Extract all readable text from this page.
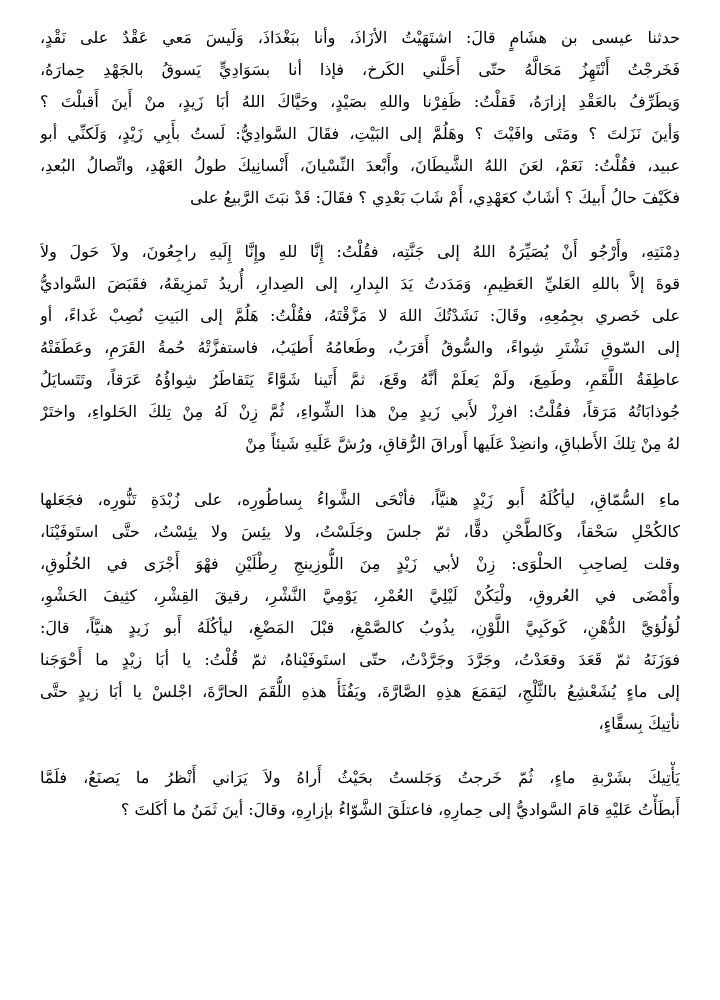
حدثنا عيسى بن هشَامٍ قالَ: اشتَهَيْتُ الأزَاذَ، وأنا ببَغْدَاذَ، وَلَيسَ مَعي عَقْدٌ على نَقْدٍ،
فَخَرجْتُ أَنْتَهِزُ مَحَالَّهُ حتّى أَحَلَّني الكَرخ، فإذا أنا بسَوَادِيٍّ يَسوقُ بالجَهْدِ حِمارَهُ،
وَيطَرِّفُ بالعَقْدِ إزارَهُ، فَقلْتُ: ظَفِرْنا واللهِ بصَيْدٍ، وحَيَّاكَ اللهُ أبَا زَيدٍ، منْ أَينَ أَقبلْتَ ؟
وَأينَ نَزَلتَ ؟ ومَتَى وافَيْتَ ؟ وهَلُمَّ إلى البَيْتِ، فقَالَ السَّوادِيُّ: لَستُ بأَبِي زَيْدٍ، وَلَكنِّي أبو
عبيد، فقُلْتُ: نَعَمْ، لعَنَ اللهُ الشَّيطَانَ، وأَبْعدَ النِّسْيانَ، أَنْسانِيكَ طولُ العَهْدِ، واتِّصالُ البُعدِ،
فكَيْفَ حالُ أَبيكَ ؟ أشَابٌ كعَهْدِي، أَمْ شَابَ بَعْدِي ؟ فقَالَ: قَدْ نبَتَ الرَّبيعُ على
دِمْنَتِهِ، وأَرْجُو أَنْ يُصَيِّرَهُ اللهُ إلى جَنَّتِه، فقُلْتُ: إِنَّا للهِ وإِنَّا إِلَيهِ راجِعُونَ، ولاَ حَولَ ولاَ
قوةَ إلاَّ باللهِ العَليِّ العَظِيمِ، وَمَدَدتُ يَدَ البِدارِ، إلى الصِدارِ، أُريدُ تَمزِيقَهُ، فقَبَضَ السَّواديُّ
على خَصري بجِمُعِهِ، وقَالَ: نَشَدْتُكَ اللهَ لا مَزَّقْتَهُ، فقُلْتُ: هَلُمَّ إلى البَيتِ نُصِبْ غَداءً، أو
إلى السّوقِ نَشْتَرِ شِواءً، والسُّوقُ أَقرَبُ، وطَعامُهُ أَطيَبُ، فاستفزَّتْهُ حُمةُ القَرَمِ، وعَطَفَتْهُ
عاطِفَةُ اللَّقَمِ، وطَمِعَ، ولَمْ يَعلَمْ أنَّهُ وقَعَ، ثمَّ أَتَينا شَوَّاءً يَتَقاطَرُ شِواؤُهُ عَرَقاً، وتَتَسايَلُ
جُوذابَاتُهُ مَرَقاً، فقُلْتُ: افرِزْ لأَبي زَيدٍ مِنْ هذا الشِّواءِ، ثُمَّ زِنْ لَهُ مِنْ تِلكَ الحَلواءِ، واختَرْ
لهُ مِنْ تِلكَ الأَطباقِ، وانضِدْ عَلَيها أَوراقَ الرُّقاقِ، ورُشَّ عَلَيهِ شَيئاً مِنْ
ماءِ السُّمّاقِ، ليأكُلَهُ أَبو زَيْدٍ هنيَّاً، فأنْحَى الشَّواءُ بِساطُورِه، على زُبْدَةِ تَنُّورِه، فجَعَلها
كالكُحْلِ سَحْقاً، وكَالطَّحْنِ دقًّا، ثمّ جلسَ وجَلَسْتُ، ولا يئِسَ ولا يئِسْتُ، حتَّى استَوفَيْنَا،
وقلت لِصاحِبِ الحلْوَى: زِنْ لأبي زَيْدٍ مِنَ اللُّوزِينجِ رِطْلَيْنِ فهْوَ أَجْرَى في الحُلُوقِ،
وأَمْضَى في العُروقِ، ولْيَكُنْ لَيْلِيَّ العُمْرِ، يَوْمِيَّ النَّشْرِ، رقيقَ القِشْرِ، كثِيفَ الحَشْوِ،
لُؤلُؤيَّ الدُّهْنِ، كَوكَبِيَّ اللَّوْنِ، يذُوبُ كالصَّمْغِ، قبْلَ المَضْغِ، ليأكُلَهُ أَبو زَيدٍ هنيَّاً، قالَ:
فوَزَنَهُ ثمّ قَعَدَ وقعَدْتُ، وجَرَّدَ وجَرَّدْتُ، حتّى استَوفَيْناهُ، ثمّ قُلْتُ: يا أبَا زيْدٍ ما أَحْوَجَنا
إلى ماءٍ يُشَعْشِعُ بالثَّلْجِ، ليَقمَعَ هذِهِ الصَّارَّةَ، ويَفُثَأَ هذهِ اللُّقَمَ الحارَّةَ، اجْلسْ يا أبَا زيدٍ حتَّى
نأتِيكَ بِسقَّاءٍ،
يَأْتِيكَ بشَرْبةِ ماءٍ، ثُمّ خَرجتُ وَجَلستُ بحَيْثُ أَراهُ ولاَ يَرَاني أَنْظرُ ما يَصنَعُ، فلَمَّا
أَبطَأْتُ عَليْهِ قامَ السَّواديُّ إلى حِمارِهِ، فاعتلَقَ الشَّوّاءُ بإزارِهِ، وقالَ: أينَ ثَمَنُ ما أكَلتَ ؟
